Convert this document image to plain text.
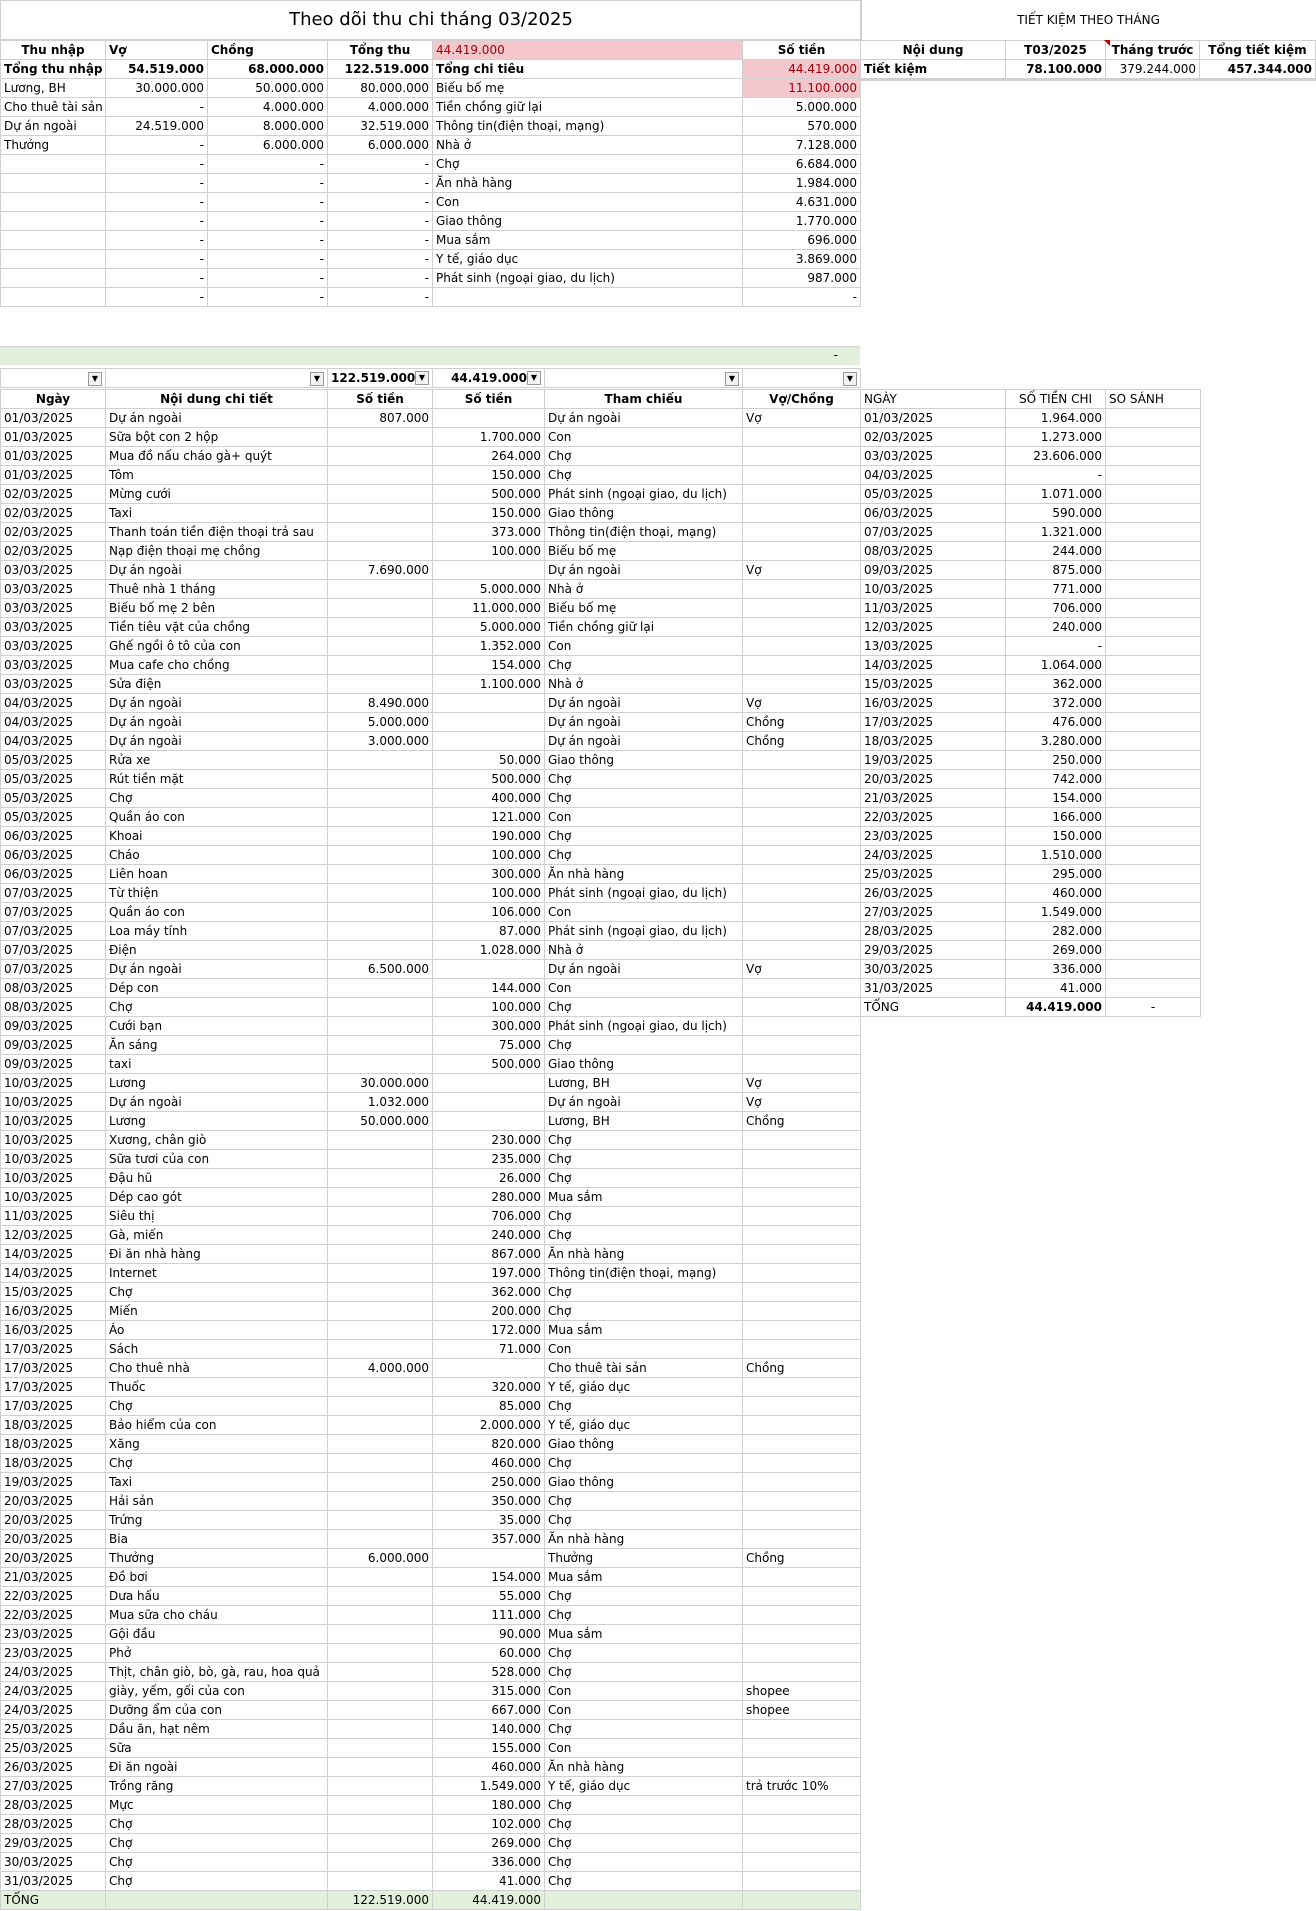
Theo dõi thu chi tháng 03/2025	TIẾT KIỆM THEO THÁNG
Thu nhập	Vợ	Chồng	Tổng thu	44.419.000	Số tiền
Tổng thu nhập	54.519.000	68.000.000	122.519.000	Tổng chi tiêu	44.419.000
Lương, BH	30.000.000	50.000.000	80.000.000	Biếu bố mẹ	11.100.000
Cho thuê tài sản	-	4.000.000	4.000.000	Tiền chồng giữ lại	5.000.000
Dự án ngoài	24.519.000	8.000.000	32.519.000	Thông tin(điện thoại, mạng)	570.000
Thưởng	-	6.000.000	6.000.000	Nhà ở	7.128.000
	-	-	-	Chợ	6.684.000
	-	-	-	Ăn nhà hàng	1.984.000
	-	-	-	Con	4.631.000
	-	-	-	Giao thông	1.770.000
	-	-	-	Mua sắm	696.000
	-	-	-	Y tế, giáo dục	3.869.000
	-	-	-	Phát sinh (ngoại giao, du lịch)	987.000
	-	-	-		-
-
Nội dung	T03/2025	Tháng trước	Tổng tiết kiệm
Tiết kiệm	78.100.000	379.244.000	457.344.000

▼	▼	▼
122.519.000	▼
44.419.000	▼	▼
Ngày	Nội dung chi tiết	Số tiền	Số tiền	Tham chiếu	Vợ/Chồng
01/03/2025	Dự án ngoài	807.000		Dự án ngoài	Vợ
01/03/2025	Sữa bột con 2 hộp		1.700.000	Con	
01/03/2025	Mua đồ nấu cháo gà+ quýt		264.000	Chợ	
01/03/2025	Tôm		150.000	Chợ	
02/03/2025	Mừng cưới		500.000	Phát sinh (ngoại giao, du lịch)	
02/03/2025	Taxi		150.000	Giao thông	
02/03/2025	Thanh toán tiền điện thoại trả sau		373.000	Thông tin(điện thoại, mạng)	
02/03/2025	Nạp điện thoại mẹ chồng		100.000	Biếu bố mẹ	
03/03/2025	Dự án ngoài	7.690.000		Dự án ngoài	Vợ
03/03/2025	Thuê nhà 1 tháng		5.000.000	Nhà ở	
03/03/2025	Biếu bố mẹ 2 bên		11.000.000	Biếu bố mẹ	
03/03/2025	Tiền tiêu vặt của chồng		5.000.000	Tiền chồng giữ lại	
03/03/2025	Ghế ngồi ô tô của con		1.352.000	Con	
03/03/2025	Mua cafe cho chồng		154.000	Chợ	
03/03/2025	Sửa điện		1.100.000	Nhà ở	
04/03/2025	Dự án ngoài	8.490.000		Dự án ngoài	Vợ
04/03/2025	Dự án ngoài	5.000.000		Dự án ngoài	Chồng
04/03/2025	Dự án ngoài	3.000.000		Dự án ngoài	Chồng
05/03/2025	Rửa xe		50.000	Giao thông	
05/03/2025	Rút tiền mặt		500.000	Chợ	
05/03/2025	Chợ		400.000	Chợ	
05/03/2025	Quần áo con		121.000	Con	
06/03/2025	Khoai		190.000	Chợ	
06/03/2025	Cháo		100.000	Chợ	
06/03/2025	Liên hoan		300.000	Ăn nhà hàng	
07/03/2025	Từ thiện		100.000	Phát sinh (ngoại giao, du lịch)	
07/03/2025	Quần áo con		106.000	Con	
07/03/2025	Loa máy tính		87.000	Phát sinh (ngoại giao, du lịch)	
07/03/2025	Điện		1.028.000	Nhà ở	
07/03/2025	Dự án ngoài	6.500.000		Dự án ngoài	Vợ
08/03/2025	Dép con		144.000	Con	
08/03/2025	Chợ		100.000	Chợ	
09/03/2025	Cưới bạn		300.000	Phát sinh (ngoại giao, du lịch)	
09/03/2025	Ăn sáng		75.000	Chợ	
09/03/2025	taxi		500.000	Giao thông	
10/03/2025	Lương	30.000.000		Lương, BH	Vợ
10/03/2025	Dự án ngoài	1.032.000		Dự án ngoài	Vợ
10/03/2025	Lương	50.000.000		Lương, BH	Chồng
10/03/2025	Xương, chân giò		230.000	Chợ	
10/03/2025	Sữa tươi của con		235.000	Chợ	
10/03/2025	Đậu hũ		26.000	Chợ	
10/03/2025	Dép cao gót		280.000	Mua sắm	
11/03/2025	Siêu thị		706.000	Chợ	
12/03/2025	Gà, miến		240.000	Chợ	
14/03/2025	Đi ăn nhà hàng		867.000	Ăn nhà hàng	
14/03/2025	Internet		197.000	Thông tin(điện thoại, mạng)	
15/03/2025	Chợ		362.000	Chợ	
16/03/2025	Miến		200.000	Chợ	
16/03/2025	Áo		172.000	Mua sắm	
17/03/2025	Sách		71.000	Con	
17/03/2025	Cho thuê nhà	4.000.000		Cho thuê tài sản	Chồng
17/03/2025	Thuốc		320.000	Y tế, giáo dục	
17/03/2025	Chợ		85.000	Chợ	
18/03/2025	Bảo hiểm của con		2.000.000	Y tế, giáo dục	
18/03/2025	Xăng		820.000	Giao thông	
18/03/2025	Chợ		460.000	Chợ	
19/03/2025	Taxi		250.000	Giao thông	
20/03/2025	Hải sản		350.000	Chợ	
20/03/2025	Trứng		35.000	Chợ	
20/03/2025	Bia		357.000	Ăn nhà hàng	
20/03/2025	Thưởng	6.000.000		Thưởng	Chồng
21/03/2025	Đồ bơi		154.000	Mua sắm	
22/03/2025	Dưa hấu		55.000	Chợ	
22/03/2025	Mua sữa cho cháu		111.000	Chợ	
23/03/2025	Gội đầu		90.000	Mua sắm	
23/03/2025	Phở		60.000	Chợ	
24/03/2025	Thịt, chân giò, bò, gà, rau, hoa quả		528.000	Chợ	
24/03/2025	giày, yếm, gối của con		315.000	Con	shopee
24/03/2025	Dưỡng ẩm của con		667.000	Con	shopee
25/03/2025	Dầu ăn, hạt nêm		140.000	Chợ	
25/03/2025	Sữa		155.000	Con	
26/03/2025	Đi ăn ngoài		460.000	Ăn nhà hàng	
27/03/2025	Trồng răng		1.549.000	Y tế, giáo dục	trả trước 10%
28/03/2025	Mực		180.000	Chợ	
28/03/2025	Chợ		102.000	Chợ	
29/03/2025	Chợ		269.000	Chợ	
30/03/2025	Chợ		336.000	Chợ	
31/03/2025	Chợ		41.000	Chợ	
TỔNG		122.519.000	44.419.000		
NGÀY	SỐ TIỀN CHI	SO SÁNH
01/03/2025	1.964.000	
02/03/2025	1.273.000	
03/03/2025	23.606.000	
04/03/2025	-	
05/03/2025	1.071.000	
06/03/2025	590.000	
07/03/2025	1.321.000	
08/03/2025	244.000	
09/03/2025	875.000	
10/03/2025	771.000	
11/03/2025	706.000	
12/03/2025	240.000	
13/03/2025	-	
14/03/2025	1.064.000	
15/03/2025	362.000	
16/03/2025	372.000	
17/03/2025	476.000	
18/03/2025	3.280.000	
19/03/2025	250.000	
20/03/2025	742.000	
21/03/2025	154.000	
22/03/2025	166.000	
23/03/2025	150.000	
24/03/2025	1.510.000	
25/03/2025	295.000	
26/03/2025	460.000	
27/03/2025	1.549.000	
28/03/2025	282.000	
29/03/2025	269.000	
30/03/2025	336.000	
31/03/2025	41.000	
TỔNG	44.419.000	-
